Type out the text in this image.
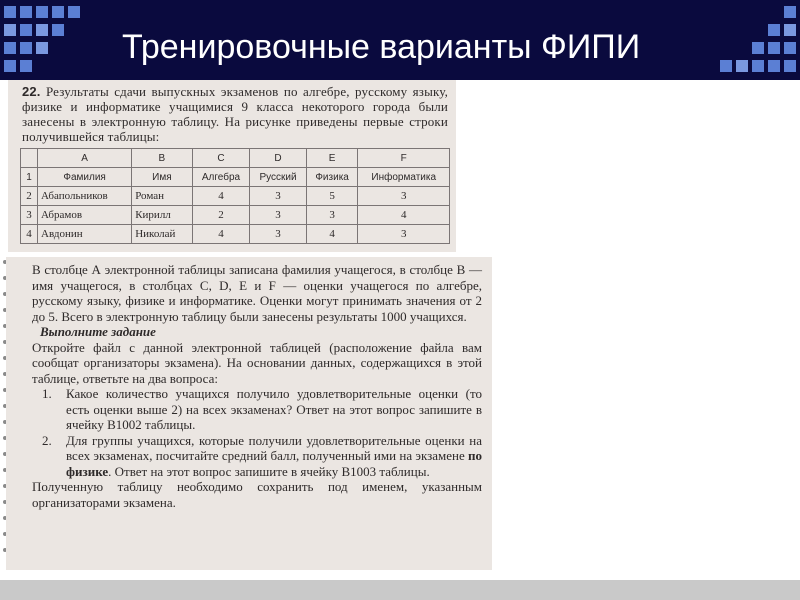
Тренировочные варианты ФИПИ

22. Результаты сдачи выпускных экзаменов по алгебре, русскому языку, физике и информатике учащимися 9 класса некоторого города были занесены в электронную таблицу. На рисунке приведены первые строки получившейся таблицы:

	A	B	C	D	E	F
1	Фамилия	Имя	Алгебра	Русский	Физика	Информатика
2	Абапольников	Роман	4	3	5	3
3	Абрамов	Кирилл	2	3	3	4
4	Авдонин	Николай	4	3	4	3

В столбце А электронной таблицы записана фамилия учащегося, в столбце В — имя учащегося, в столбцах С, D, Е и F — оценки учащегося по алгебре, русскому языку, физике и информатике. Оценки могут принимать значения от 2 до 5. Всего в электронную таблицу были занесены результаты 1000 учащихся.

Выполните задание

Откройте файл с данной электронной таблицей (расположение файла вам сообщат организаторы экзамена). На основании данных, содержащихся в этой таблице, ответьте на два вопроса:

1.	Какое количество учащихся получило удовлетворительные оценки (то есть оценки выше 2) на всех экзаменах? Ответ на этот вопрос запишите в ячейку В1002 таблицы.
2.	Для группы учащихся, которые получили удовлетворительные оценки на всех экзаменах, посчитайте средний балл, полученный ими на экзамене по физике. Ответ на этот вопрос запишите в ячейку В1003 таблицы.

Полученную таблицу необходимо сохранить под именем, указанным организаторами экзамена.
